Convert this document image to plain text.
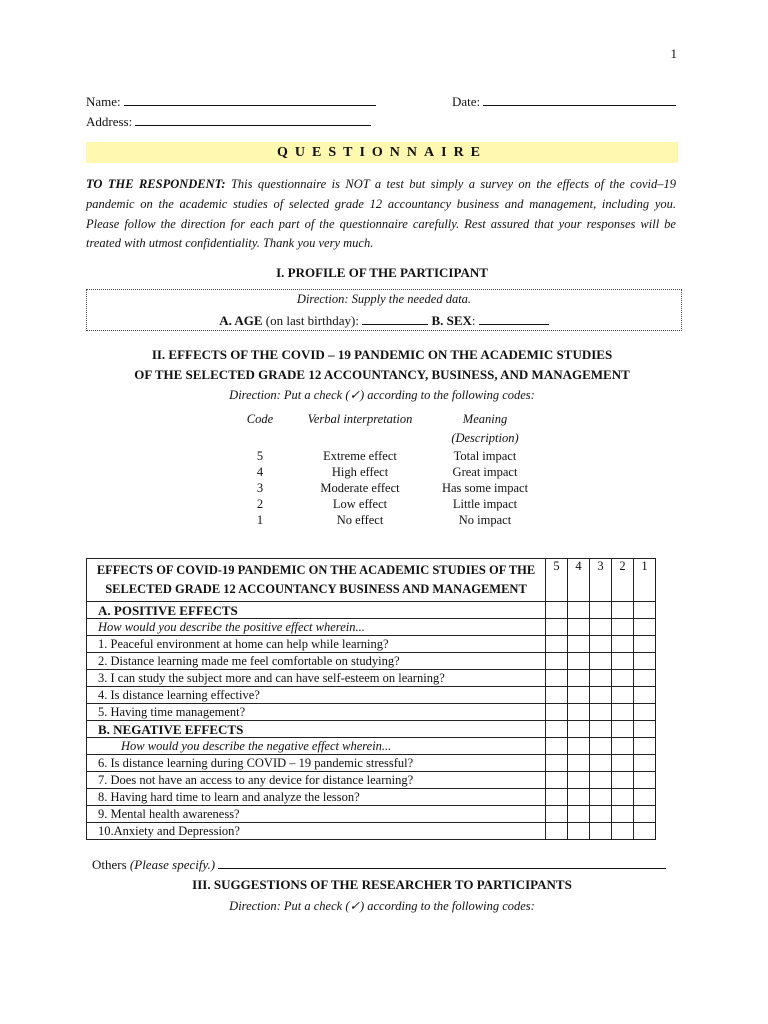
1
Name:	Date:
Address:
QUESTIONNAIRE
TO THE RESPONDENT: This questionnaire is NOT a test but simply a survey on the effects of the covid–19 pandemic on the academic studies of selected grade 12 accountancy business and management, including you. Please follow the direction for each part of the questionnaire carefully. Rest assured that your responses will be treated with utmost confidentiality. Thank you very much.
I. PROFILE OF THE PARTICIPANT
Direction: Supply the needed data.
A. AGE (on last birthday):	B. SEX:
II. EFFECTS OF THE COVID – 19 PANDEMIC ON THE ACADEMIC STUDIES
OF THE SELECTED GRADE 12 ACCOUNTANCY, BUSINESS, AND MANAGEMENT
Direction: Put a check (✓) according to the following codes:
Code	Verbal interpretation	Meaning
		(Description)
5	Extreme effect	Total impact
4	High effect	Great impact
3	Moderate effect	Has some impact
2	Low effect	Little impact
1	No effect	No impact
EFFECTS OF COVID-19 PANDEMIC ON THE ACADEMIC STUDIES OF THE SELECTED GRADE 12 ACCOUNTANCY BUSINESS AND MANAGEMENT	5	4	3	2	1
A. POSITIVE EFFECTS					
How would you describe the positive effect wherein...					
1. Peaceful environment at home can help while learning?					
2. Distance learning made me feel comfortable on studying?					
3. I can study the subject more and can have self-esteem on learning?					
4. Is distance learning effective?					
5. Having time management?					
B. NEGATIVE EFFECTS					
How would you describe the negative effect wherein...					
6. Is distance learning during COVID – 19 pandemic stressful?					
7. Does not have an access to any device for distance learning?					
8. Having hard time to learn and analyze the lesson?					
9. Mental health awareness?					
10.Anxiety and Depression?					
Others (Please specify.)
III. SUGGESTIONS OF THE RESEARCHER TO PARTICIPANTS
Direction: Put a check (✓) according to the following codes:
